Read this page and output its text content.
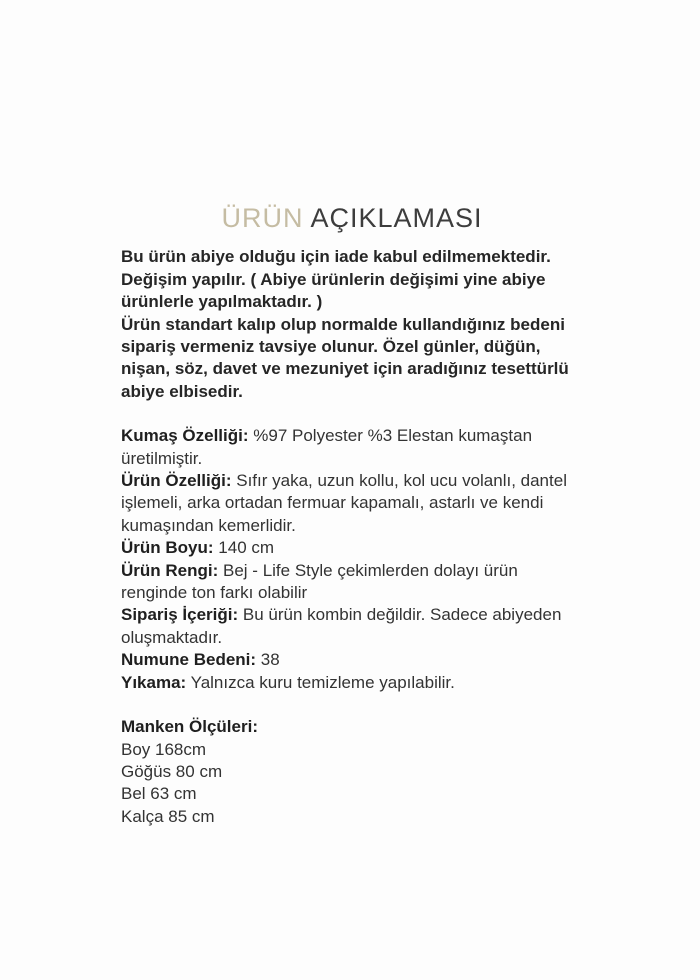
ÜRÜN AÇIKLAMASI

Bu ürün abiye olduğu için iade kabul edilmemektedir. Değişim yapılır. ( Abiye ürünlerin değişimi yine abiye ürünlerle yapılmaktadır. )

Ürün standart kalıp olup normalde kullandığınız bedeni sipariş vermeniz tavsiye olunur. Özel günler, düğün, nişan, söz, davet ve mezuniyet için aradığınız tesettürlü abiye elbisedir.

Kumaş Özelliği: %97 Polyester %3 Elestan kumaştan üretilmiştir.

Ürün Özelliği: Sıfır yaka, uzun kollu, kol ucu volanlı, dantel işlemeli, arka ortadan fermuar kapamalı, astarlı ve kendi kumaşından kemerlidir.

Ürün Boyu: 140 cm

Ürün Rengi: Bej - Life Style çekimlerden dolayı ürün renginde ton farkı olabilir

Sipariş İçeriği: Bu ürün kombin değildir. Sadece abiyeden oluşmaktadır.

Numune Bedeni: 38

Yıkama: Yalnızca kuru temizleme yapılabilir.

Manken Ölçüleri:

Boy 168cm

Göğüs 80 cm

Bel 63 cm

Kalça 85 cm
